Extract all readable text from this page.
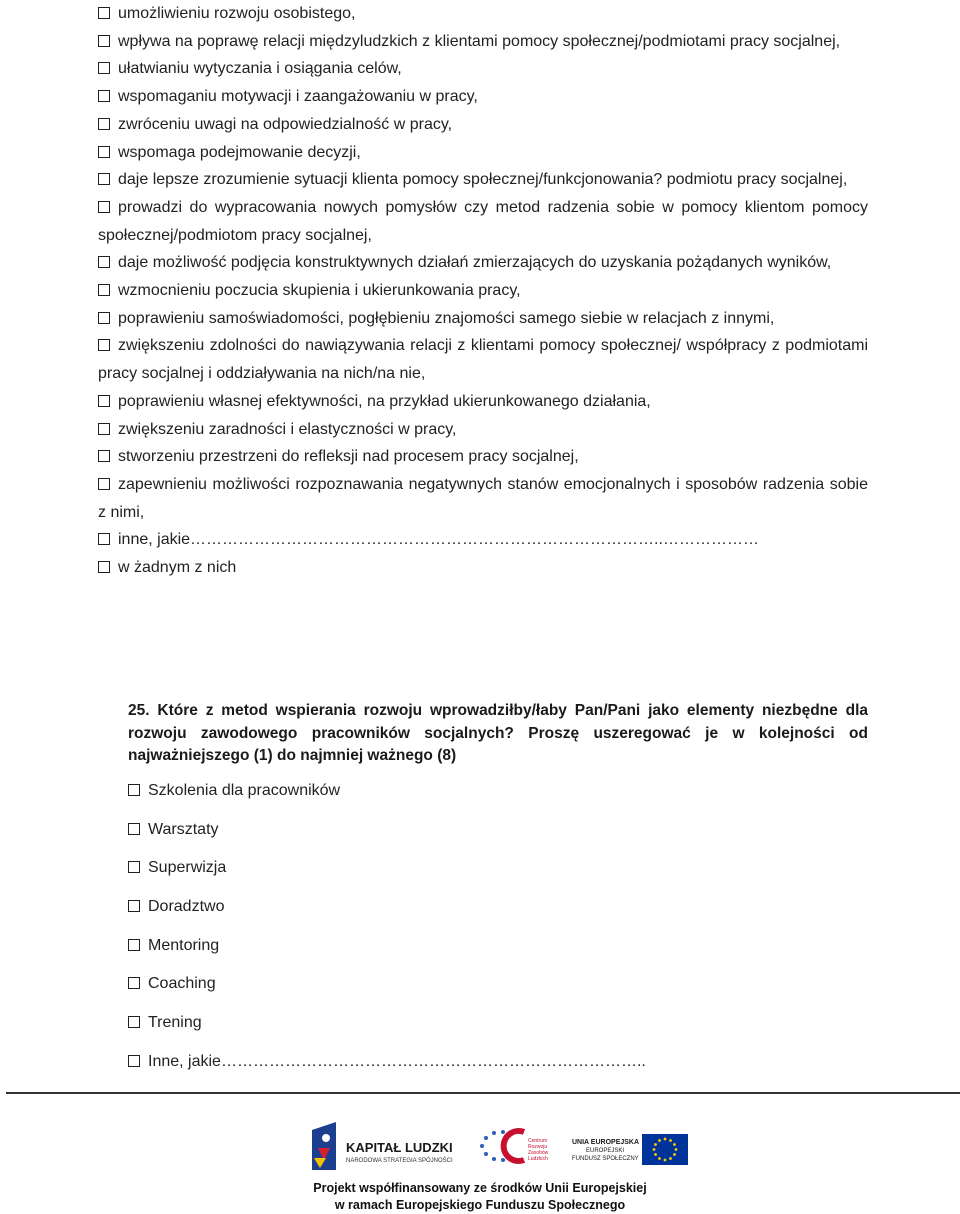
umożliwieniu rozwoju osobistego,
wpływa na poprawę relacji międzyludzkich z klientami pomocy społecznej/podmiotami pracy socjalnej,
ułatwianiu wytyczania i osiągania celów,
wspomaganiu motywacji i zaangażowaniu w pracy,
zwróceniu uwagi na odpowiedzialność w pracy,
wspomaga podejmowanie decyzji,
daje lepsze zrozumienie sytuacji klienta pomocy społecznej/funkcjonowania? podmiotu pracy socjalnej,
prowadzi do wypracowania nowych pomysłów czy metod radzenia sobie w pomocy klientom pomocy społecznej/podmiotom pracy socjalnej,
daje możliwość podjęcia konstruktywnych działań zmierzających do uzyskania pożądanych wyników,
wzmocnieniu poczucia skupienia i ukierunkowania pracy,
poprawieniu samoświadomości, pogłębieniu znajomości samego siebie w relacjach z innymi,
zwiększeniu zdolności do nawiązywania relacji z klientami pomocy społecznej/ współpracy z podmiotami pracy socjalnej i oddziaływania na nich/na nie,
poprawieniu własnej efektywności, na przykład ukierunkowanego działania,
zwiększeniu zaradności i elastyczności w pracy,
stworzeniu przestrzeni do refleksji nad procesem pracy socjalnej,
zapewnieniu możliwości rozpoznawania negatywnych stanów emocjonalnych i sposobów radzenia sobie z nimi,
inne, jakie……………………………………………………………………………..………………
w żadnym z nich

25. Które z metod wspierania rozwoju wprowadziłby/łaby Pan/Pani jako elementy niezbędne dla rozwoju zawodowego pracowników socjalnych? Proszę uszeregować je w kolejności od najważniejszego (1) do najmniej ważnego (8)

Szkolenia dla pracowników
Warsztaty
Superwizja
Doradztwo
Mentoring
Coaching
Trening
Inne, jakie……………………………………………………………………..
KAPITAŁ LUDZKI
NARODOWA STRATEGIA SPÓJNOŚCI
Centrum
Rozwoju
Zasobów
Ludzkich
UNIA EUROPEJSKA
EUROPEJSKI
FUNDUSZ SPOŁECZNY
Projekt współfinansowany ze środków Unii Europejskiej
w ramach Europejskiego Funduszu Społecznego
